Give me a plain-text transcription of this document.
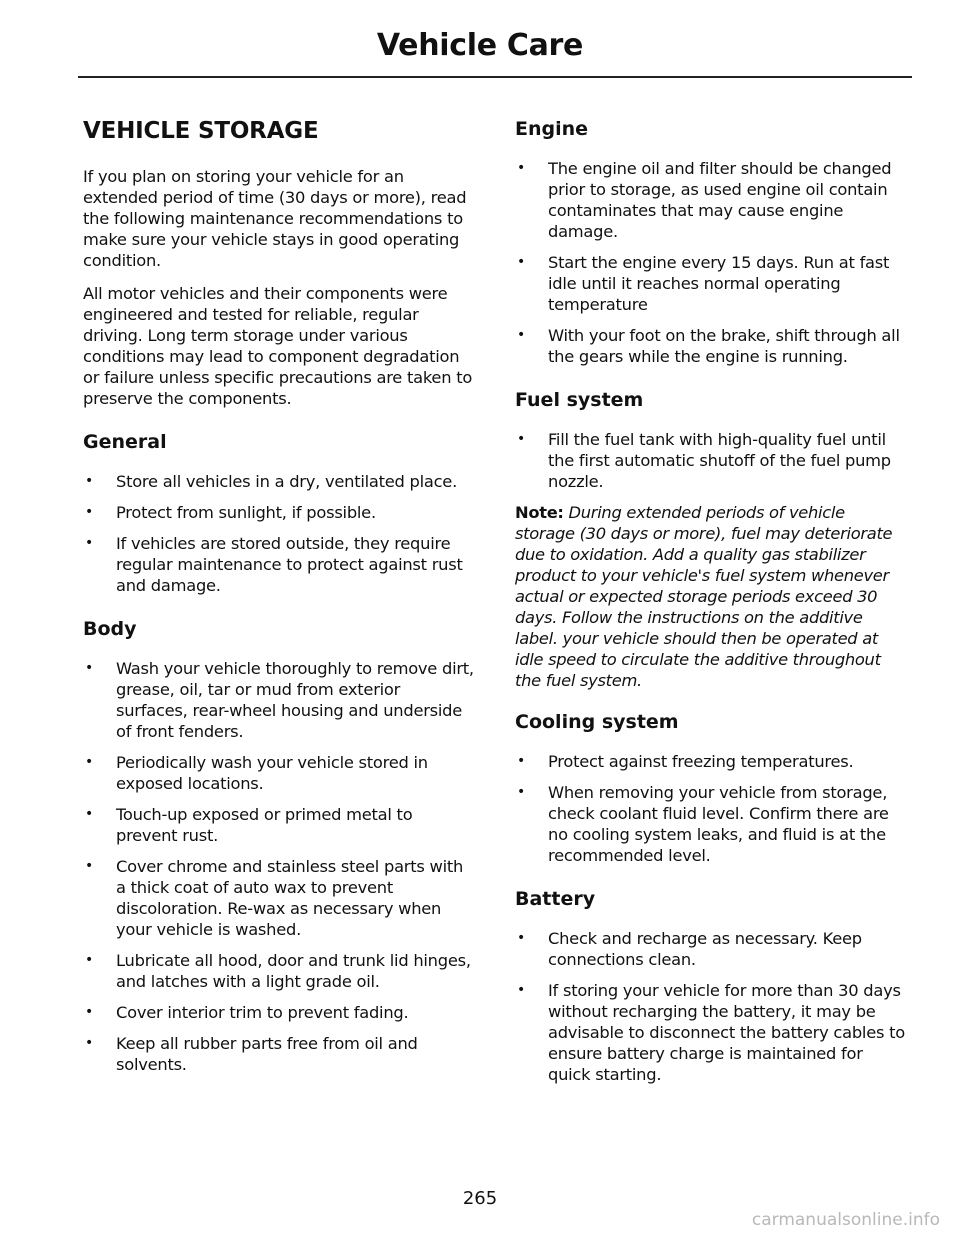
Vehicle Care
VEHICLE STORAGE

If you plan on storing your vehicle for an extended period of time (30 days or more), read the following maintenance recommendations to make sure your vehicle stays in good operating condition.

All motor vehicles and their components were engineered and tested for reliable, regular driving. Long term storage under various conditions may lead to component degradation or failure unless specific precautions are taken to preserve the components.

General
• Store all vehicles in a dry, ventilated place.
• Protect from sunlight, if possible.
• If vehicles are stored outside, they require regular maintenance to protect against rust and damage.
Body
• Wash your vehicle thoroughly to remove dirt, grease, oil, tar or mud from exterior surfaces, rear-wheel housing and underside of front fenders.
• Periodically wash your vehicle stored in exposed locations.
• Touch-up exposed or primed metal to prevent rust.
• Cover chrome and stainless steel parts with a thick coat of auto wax to prevent discoloration. Re-wax as necessary when your vehicle is washed.
• Lubricate all hood, door and trunk lid hinges, and latches with a light grade oil.
• Cover interior trim to prevent fading.
• Keep all rubber parts free from oil and solvents.
Engine
• The engine oil and filter should be changed prior to storage, as used engine oil contain contaminates that may cause engine damage.
• Start the engine every 15 days. Run at fast idle until it reaches normal operating temperature
• With your foot on the brake, shift through all the gears while the engine is running.
Fuel system
• Fill the fuel tank with high-quality fuel until the first automatic shutoff of the fuel pump nozzle.

Note: During extended periods of vehicle storage (30 days or more), fuel may deteriorate due to oxidation. Add a quality gas stabilizer product to your vehicle's fuel system whenever actual or expected storage periods exceed 30 days. Follow the instructions on the additive label. your vehicle should then be operated at idle speed to circulate the additive throughout the fuel system.

Cooling system
• Protect against freezing temperatures.
• When removing your vehicle from storage, check coolant fluid level. Confirm there are no cooling system leaks, and fluid is at the recommended level.
Battery
• Check and recharge as necessary. Keep connections clean.
• If storing your vehicle for more than 30 days without recharging the battery, it may be advisable to disconnect the battery cables to ensure battery charge is maintained for quick starting.
265
carmanualsonline.info
